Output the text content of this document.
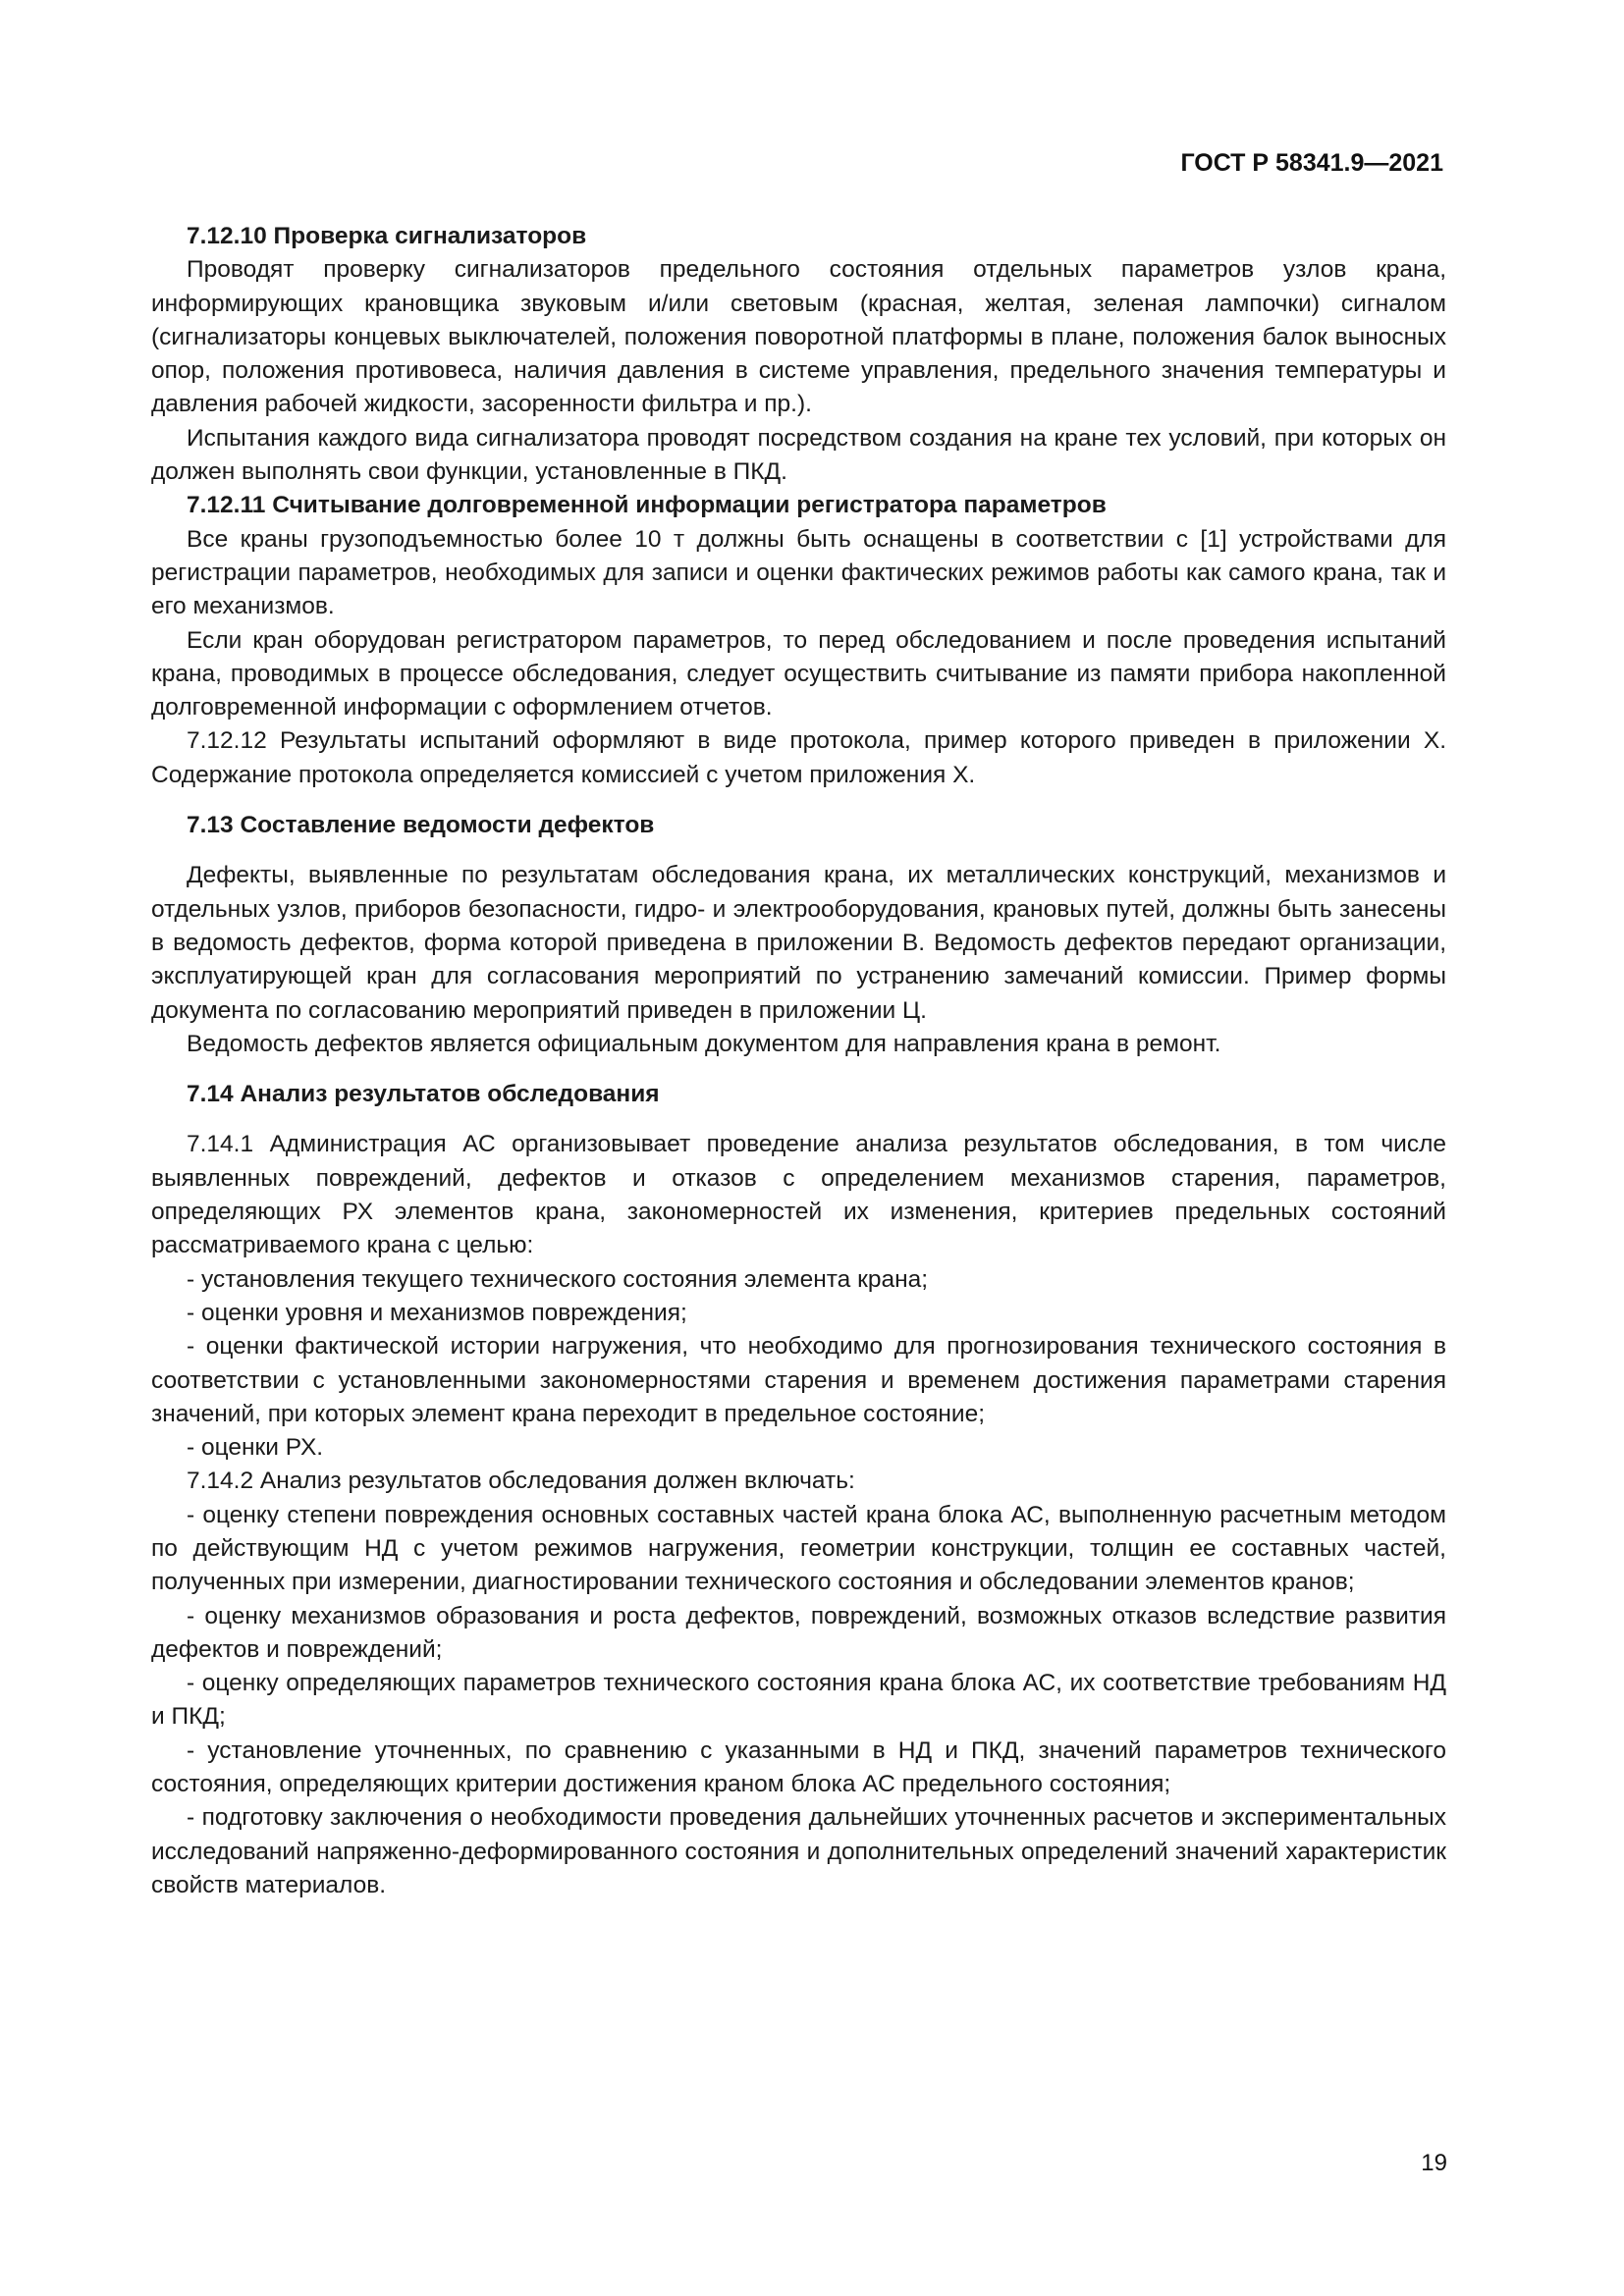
ГОСТ Р 58341.9—2021

7.12.10 Проверка сигнализаторов

Проводят проверку сигнализаторов предельного состояния отдельных параметров узлов крана, информирующих крановщика звуковым и/или световым (красная, желтая, зеленая лампочки) сигналом (сигнализаторы концевых выключателей, положения поворотной платформы в плане, положения балок выносных опор, положения противовеса, наличия давления в системе управления, предельного значения температуры и давления рабочей жидкости, засоренности фильтра и пр.).

Испытания каждого вида сигнализатора проводят посредством создания на кране тех условий, при которых он должен выполнять свои функции, установленные в ПКД.

7.12.11 Считывание долговременной информации регистратора параметров

Все краны грузоподъемностью более 10 т должны быть оснащены в соответствии с [1] устройствами для регистрации параметров, необходимых для записи и оценки фактических режимов работы как самого крана, так и его механизмов.

Если кран оборудован регистратором параметров, то перед обследованием и после проведения испытаний крана, проводимых в процессе обследования, следует осуществить считывание из памяти прибора накопленной долговременной информации с оформлением отчетов.

7.12.12 Результаты испытаний оформляют в виде протокола, пример которого приведен в приложении Х. Содержание протокола определяется комиссией с учетом приложения Х.

7.13 Составление ведомости дефектов

Дефекты, выявленные по результатам обследования крана, их металлических конструкций, механизмов и отдельных узлов, приборов безопасности, гидро- и электрооборудования, крановых путей, должны быть занесены в ведомость дефектов, форма которой приведена в приложении В. Ведомость дефектов передают организации, эксплуатирующей кран для согласования мероприятий по устранению замечаний комиссии. Пример формы документа по согласованию мероприятий приведен в приложении Ц.

Ведомость дефектов является официальным документом для направления крана в ремонт.

7.14 Анализ результатов обследования

7.14.1 Администрация АС организовывает проведение анализа результатов обследования, в том числе выявленных повреждений, дефектов и отказов с определением механизмов старения, параметров, определяющих РХ элементов крана, закономерностей их изменения, критериев предельных состояний рассматриваемого крана с целью:

- установления текущего технического состояния элемента крана;

- оценки уровня и механизмов повреждения;

- оценки фактической истории нагружения, что необходимо для прогнозирования технического состояния в соответствии с установленными закономерностями старения и временем достижения параметрами старения значений, при которых элемент крана переходит в предельное состояние;

- оценки РХ.

7.14.2 Анализ результатов обследования должен включать:

- оценку степени повреждения основных составных частей крана блока АС, выполненную расчетным методом по действующим НД с учетом режимов нагружения, геометрии конструкции, толщин ее составных частей, полученных при измерении, диагностировании технического состояния и обследовании элементов кранов;

- оценку механизмов образования и роста дефектов, повреждений, возможных отказов вследствие развития дефектов и повреждений;

- оценку определяющих параметров технического состояния крана блока АС, их соответствие требованиям НД и ПКД;

- установление уточненных, по сравнению с указанными в НД и ПКД, значений параметров технического состояния, определяющих критерии достижения краном блока АС предельного состояния;

- подготовку заключения о необходимости проведения дальнейших уточненных расчетов и экспериментальных исследований напряженно-деформированного состояния и дополнительных определений значений характеристик свойств материалов.

19
